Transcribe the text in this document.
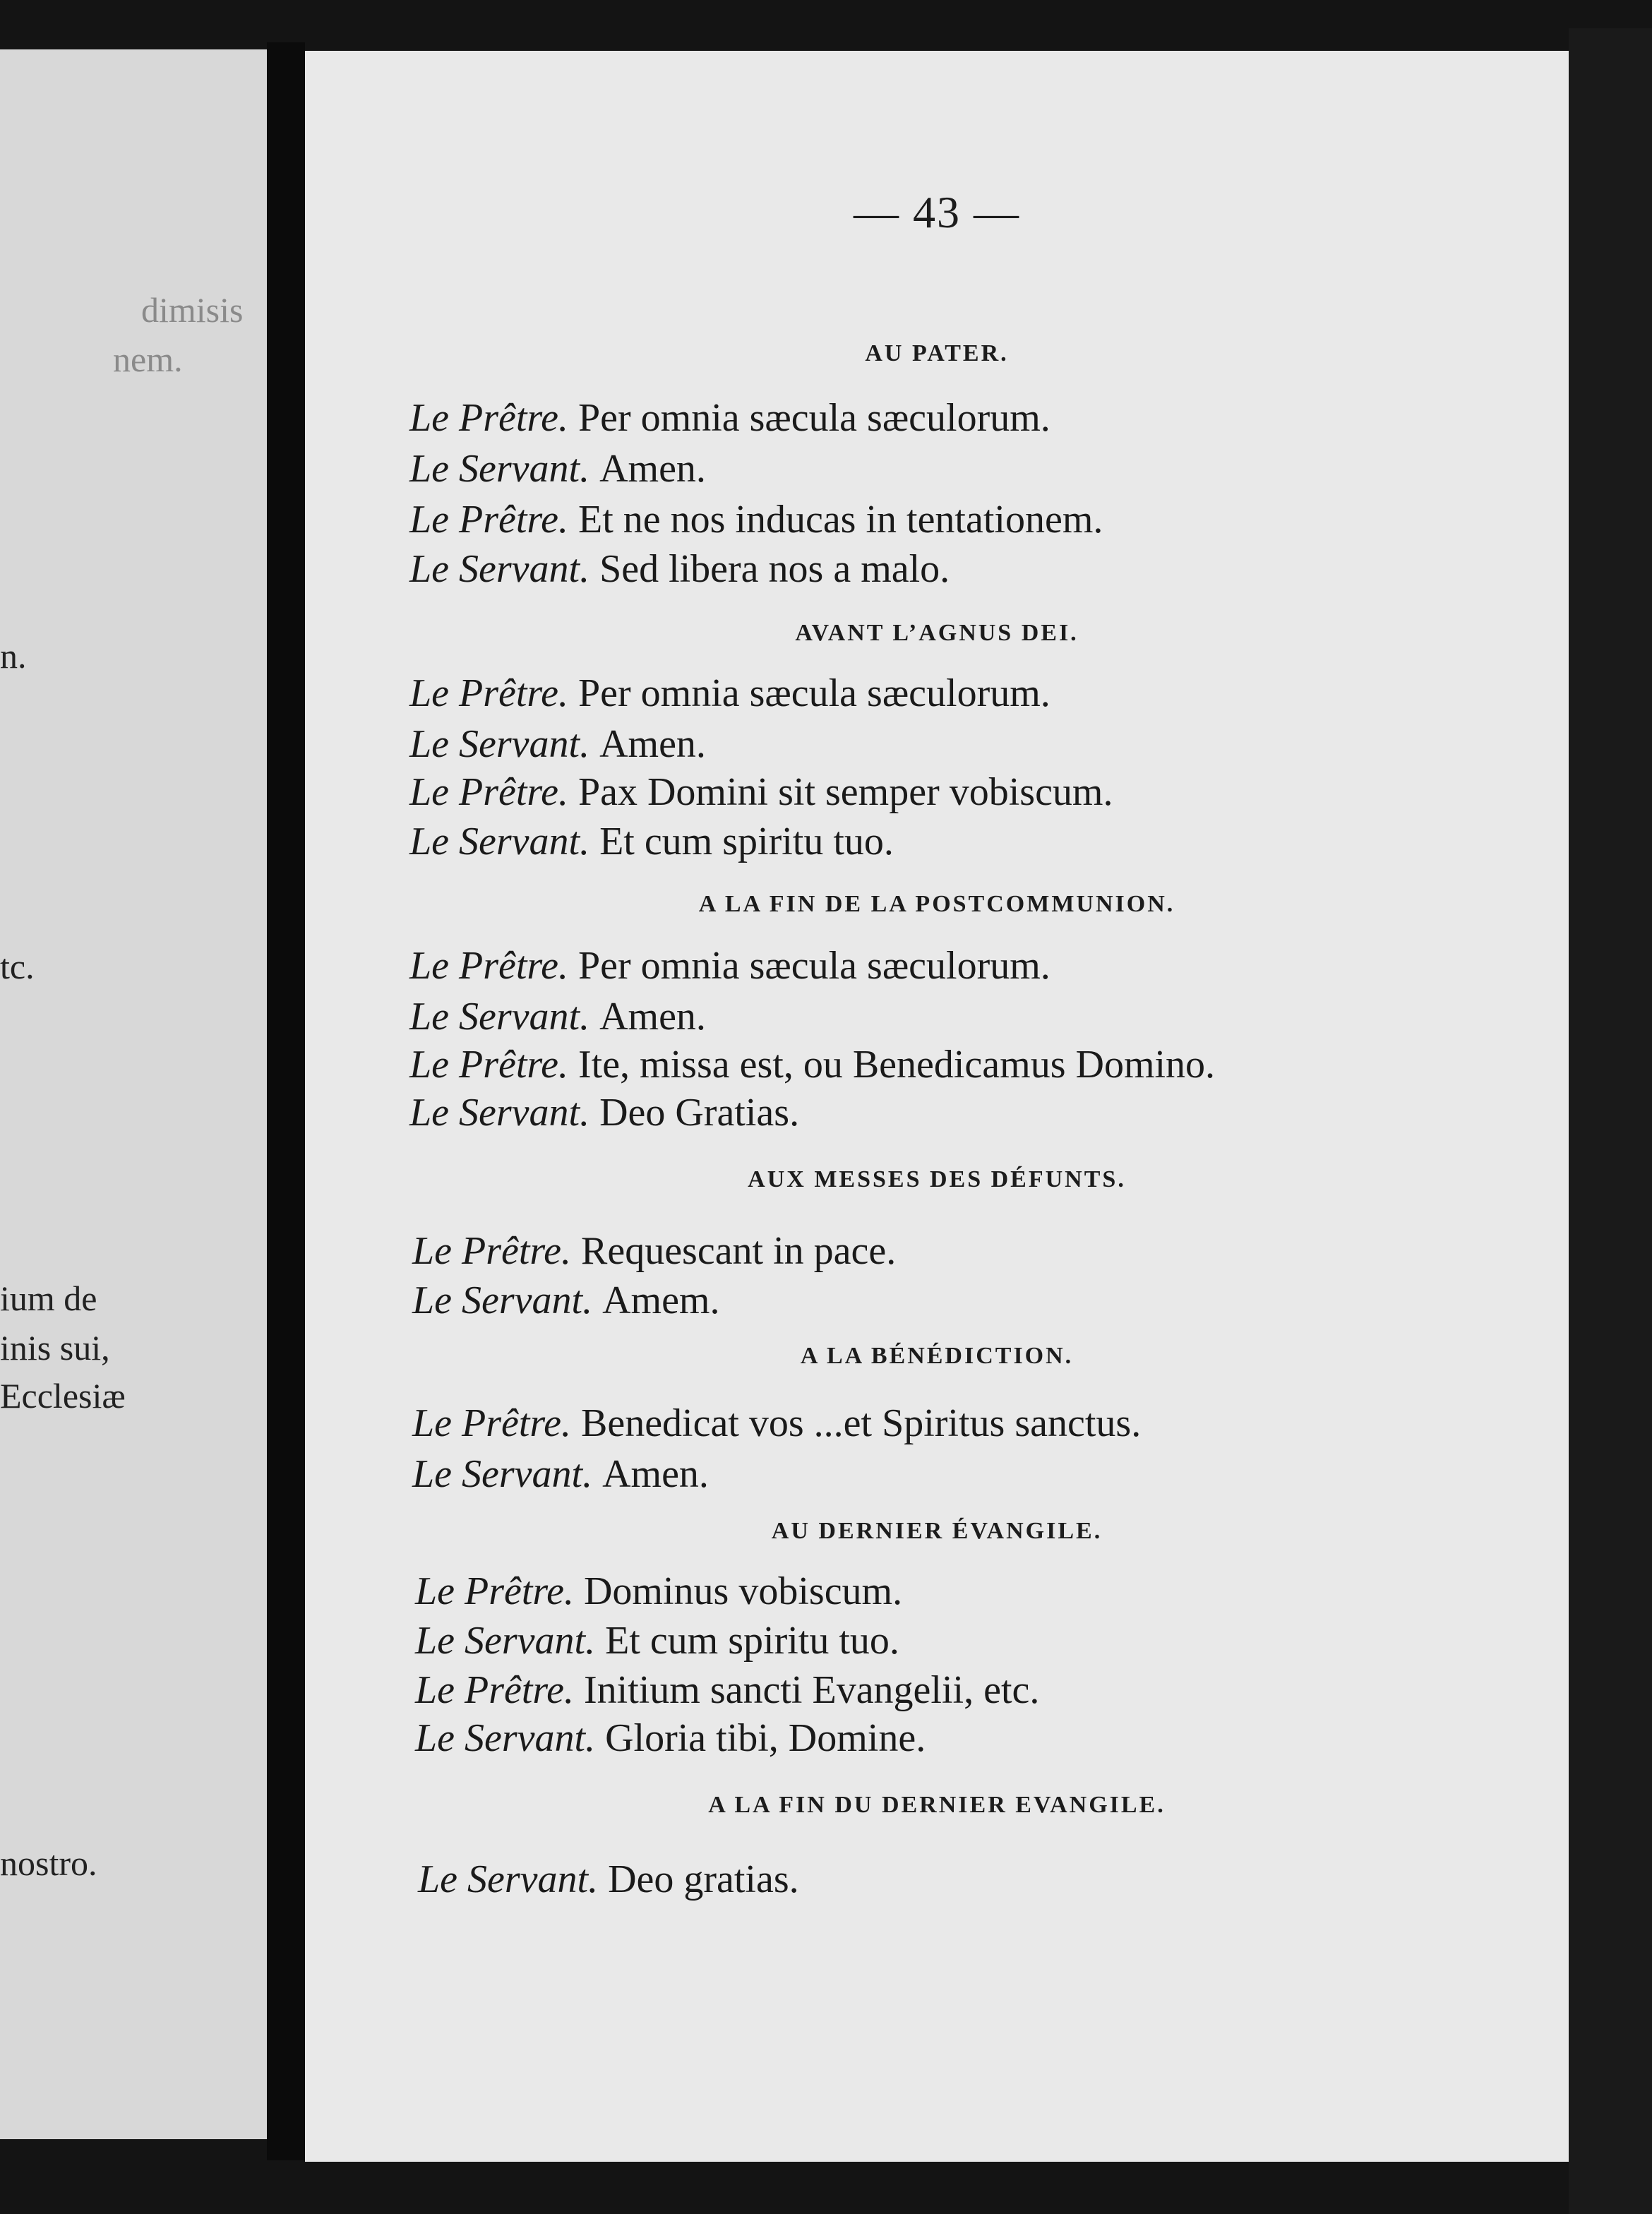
dimisis
nem.
n.
tc.
ium de
inis sui,
Ecclesiæ
nostro.
— 43 —
AU PATER.
Le Prêtre. Per omnia sæcula sæculorum.
Le Servant. Amen.
Le Prêtre. Et ne nos inducas in tentationem.
Le Servant. Sed libera nos a malo.
AVANT L’AGNUS DEI.
Le Prêtre. Per omnia sæcula sæculorum.
Le Servant. Amen.
Le Prêtre. Pax Domini sit semper vobiscum.
Le Servant. Et cum spiritu tuo.
A LA FIN DE LA POSTCOMMUNION.
Le Prêtre. Per omnia sæcula sæculorum.
Le Servant. Amen.
Le Prêtre. Ite, missa est, ou Benedicamus Domino.
Le Servant. Deo Gratias.
AUX MESSES DES DÉFUNTS.
Le Prêtre. Requescant in pace.
Le Servant. Amem.
A LA BÉNÉDICTION.
Le Prêtre. Benedicat vos ...et Spiritus sanctus.
Le Servant. Amen.
AU DERNIER ÉVANGILE.
Le Prêtre. Dominus vobiscum.
Le Servant. Et cum spiritu tuo.
Le Prêtre. Initium sancti Evangelii, etc.
Le Servant. Gloria tibi, Domine.
A LA FIN DU DERNIER EVANGILE.
Le Servant. Deo gratias.
